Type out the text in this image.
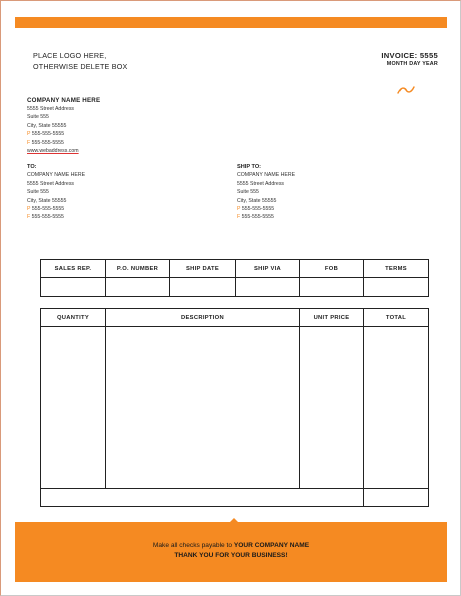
PLACE LOGO HERE,
OTHERWISE DELETE BOX
INVOICE: 5555
MONTH DAY YEAR
COMPANY NAME HERE
5555 Street Address
Suite 555
City, State 55555
P 555-555-5555
F 555-555-5555
www.webaddress.com
TO:
COMPANY NAME HERE
5555 Street Address
Suite 555
City, State 55555
P 555-555-5555
F 555-555-5555
SHIP TO:
COMPANY NAME HERE
5555 Street Address
Suite 555
City, State 55555
P 555-555-5555
F 555-555-5555
SALES REP.	P.O. NUMBER	SHIP DATE	SHIP VIA	FOB	TERMS
QUANTITY	DESCRIPTION	UNIT PRICE	TOTAL
Make all checks payable to YOUR COMPANY NAME
THANK YOU FOR YOUR BUSINESS!
